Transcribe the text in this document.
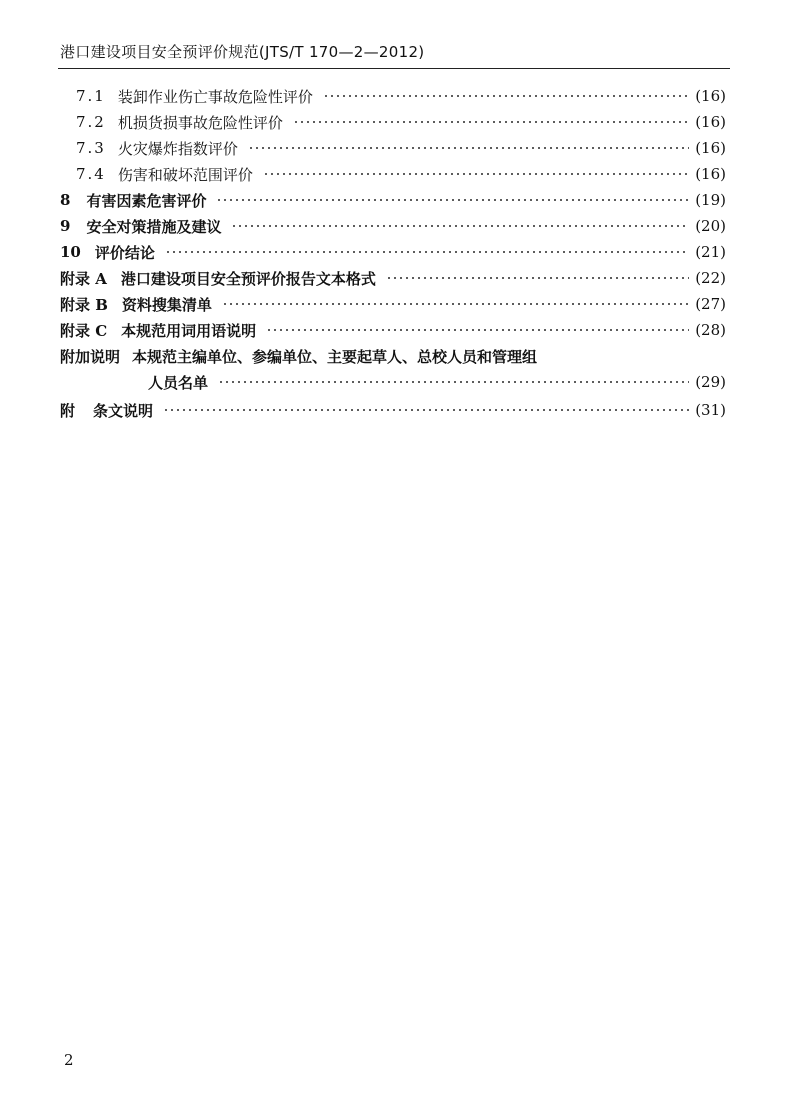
港口建设项目安全预评价规范(JTS/T 170—2—2012)
7.1 装卸作业伤亡事故危险性评价	(16)
7.2 机损货损事故危险性评价	(16)
7.3 火灾爆炸指数评价	(16)
7.4 伤害和破坏范围评价	(16)
8 有害因素危害评价	(19)
9 安全对策措施及建议	(20)
10 评价结论	(21)
附录 A 港口建设项目安全预评价报告文本格式	(22)
附录 B 资料搜集清单	(27)
附录 C 本规范用词用语说明	(28)
附加说明 本规范主编单位、参编单位、主要起草人、总校人员和管理组
人员名单	(29)
附 条文说明	(31)
2
